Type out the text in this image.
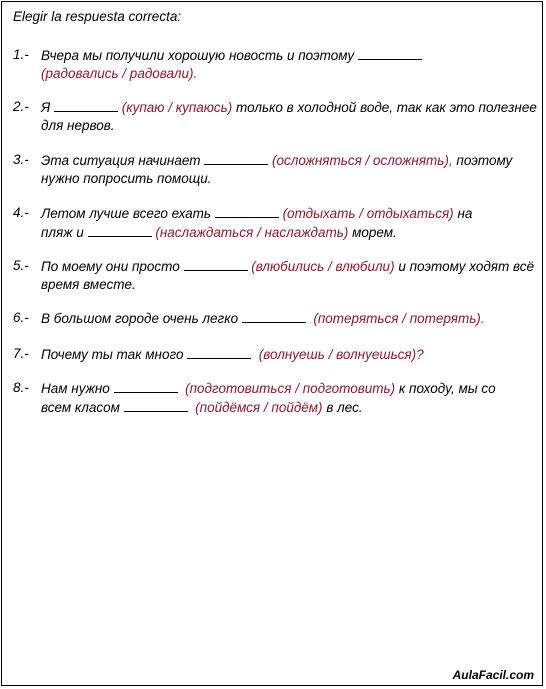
Elegir la respuesta correcta:
1.- Вчера мы получили хорошую новость и поэтому
(радовались / радовали).
2.- Я	(купаю / купаюсь) только в холодной воде, так как это полезнее для нервов.
3.- Эта ситуация начинает	(осложняться / осложнять), поэтому нужно попросить помощи.
4.- Летом лучше всего ехать	(отдыхать / отдыхаться) на
пляж и	(наслаждаться / наслаждать) морем.
5.- По моему они просто	(влюбились / влюбили) и поэтому ходят всё время вместе.
6.- В большом городе очень легко	(потеряться / потерять).
7.- Почему ты так много	(волнуешь / волнуешься)?
8.- Нам нужно	(подготовиться / подготовить) к походу, мы со
всем класом	(пойдёмся / пойдём) в лес.
AulaFacil.com
